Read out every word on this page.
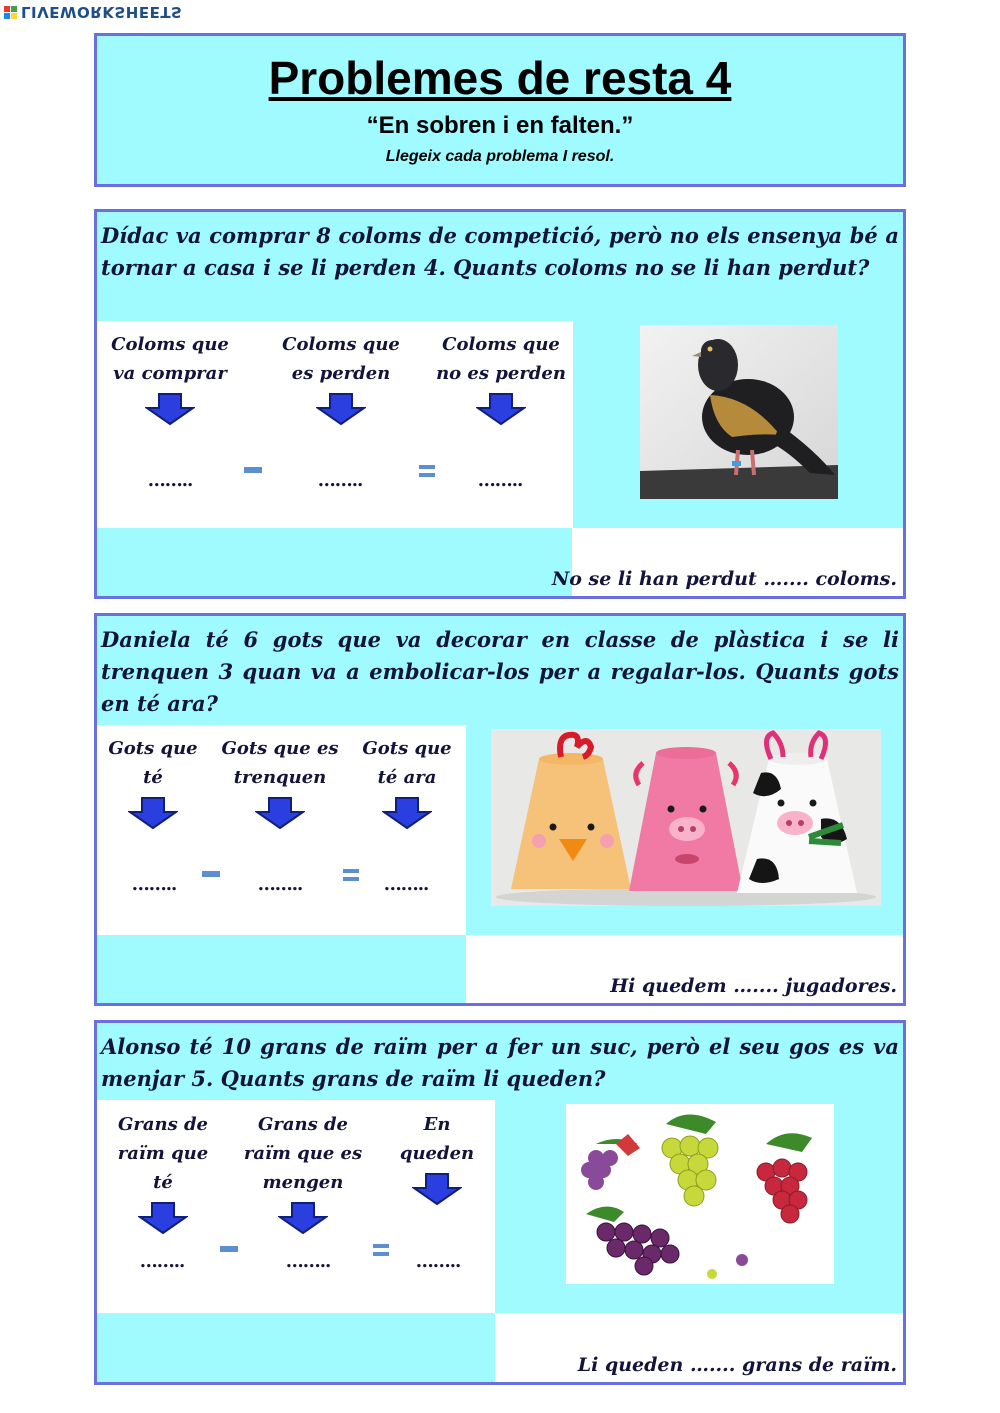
LIVEWORKSHEETS
Problemes de resta 4
“En sobren i en falten.”
Llegeix cada problema I resol.
Dídac va comprar 8 coloms de competició, però no els ensenya bé a tornar a casa i se li perden 4. Quants coloms no se li han perdut?
Coloms que va comprar
Coloms que es perden
Coloms que no es perden
……..	……..	……..
No se li han perdut ….... coloms.
Daniela té 6 gots que va decorar en classe de plàstica i se li trenquen 3 quan va a embolicar-los per a regalar-los. Quants gots en té ara?
Gots que té
Gots que es trenquen
Gots que té ara
……..	……..	……..
Hi quedem ….... jugadores.
Alonso té 10 grans de raïm per a fer un suc, però el seu gos es va menjar 5. Quants grans de raïm li queden?
Grans de raïm que té
Grans de raïm que es mengen
En queden
……..	……..	……..
Li queden ….... grans de raïm.
